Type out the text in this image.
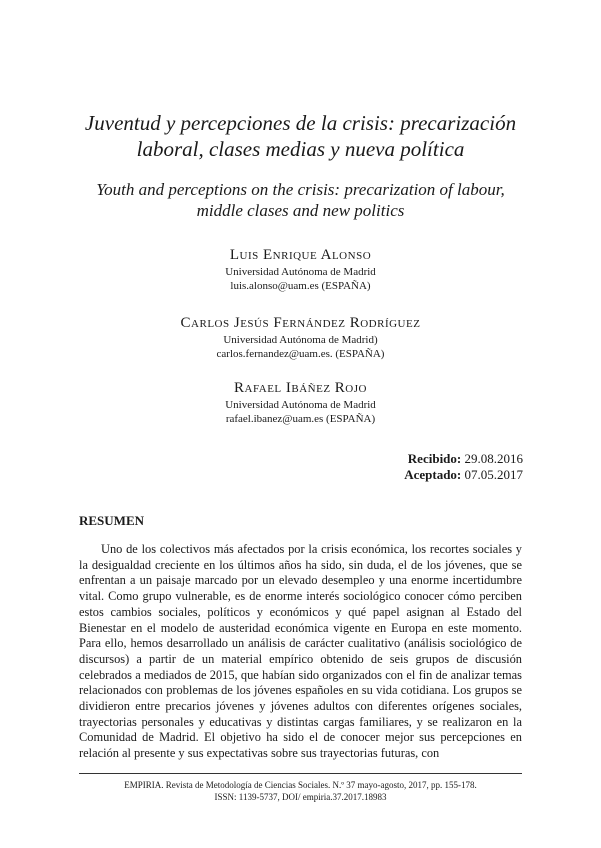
Juventud y percepciones de la crisis: precarización
laboral, clases medias y nueva política
Youth and perceptions on the crisis: precarization of labour,
middle clases and new politics
Luis Enrique Alonso
Universidad Autónoma de Madrid
luis.alonso@uam.es (ESPAÑA)
Carlos Jesús Fernández Rodríguez
Universidad Autónoma de Madrid)
carlos.fernandez@uam.es. (ESPAÑA)
Rafael Ibáñez Rojo
Universidad Autónoma de Madrid
rafael.ibanez@uam.es (ESPAÑA)
Recibido: 29.08.2016
Aceptado: 07.05.2017
RESUMEN

Uno de los colectivos más afectados por la crisis económica, los recortes sociales y la desigualdad creciente en los últimos años ha sido, sin duda, el de los jóvenes, que se enfrentan a un paisaje marcado por un elevado desempleo y una enorme incertidumbre vital. Como grupo vulnerable, es de enorme interés sociológico conocer cómo perciben estos cambios sociales, políticos y económicos y qué papel asignan al Estado del Bienestar en el modelo de austeridad económica vigente en Europa en este momento. Para ello, hemos desarrollado un análisis de carácter cualitativo (análisis sociológico de discursos) a partir de un material empírico obtenido de seis grupos de discusión celebrados a mediados de 2015, que habían sido organizados con el fin de analizar temas relacionados con problemas de los jóvenes españoles en su vida cotidiana. Los grupos se dividieron entre precarios jóvenes y jóvenes adultos con diferentes orígenes sociales, trayectorias personales y educativas y distintas cargas familiares, y se realizaron en la Comunidad de Madrid. El objetivo ha sido el de conocer mejor sus percepciones en relación al presente y sus expectativas sobre sus trayectorias futuras, con

EMPIRIA. Revista de Metodología de Ciencias Sociales. N.º 37 mayo-agosto, 2017, pp. 155-178.
ISSN: 1139-5737, DOI/ empiria.37.2017.18983
